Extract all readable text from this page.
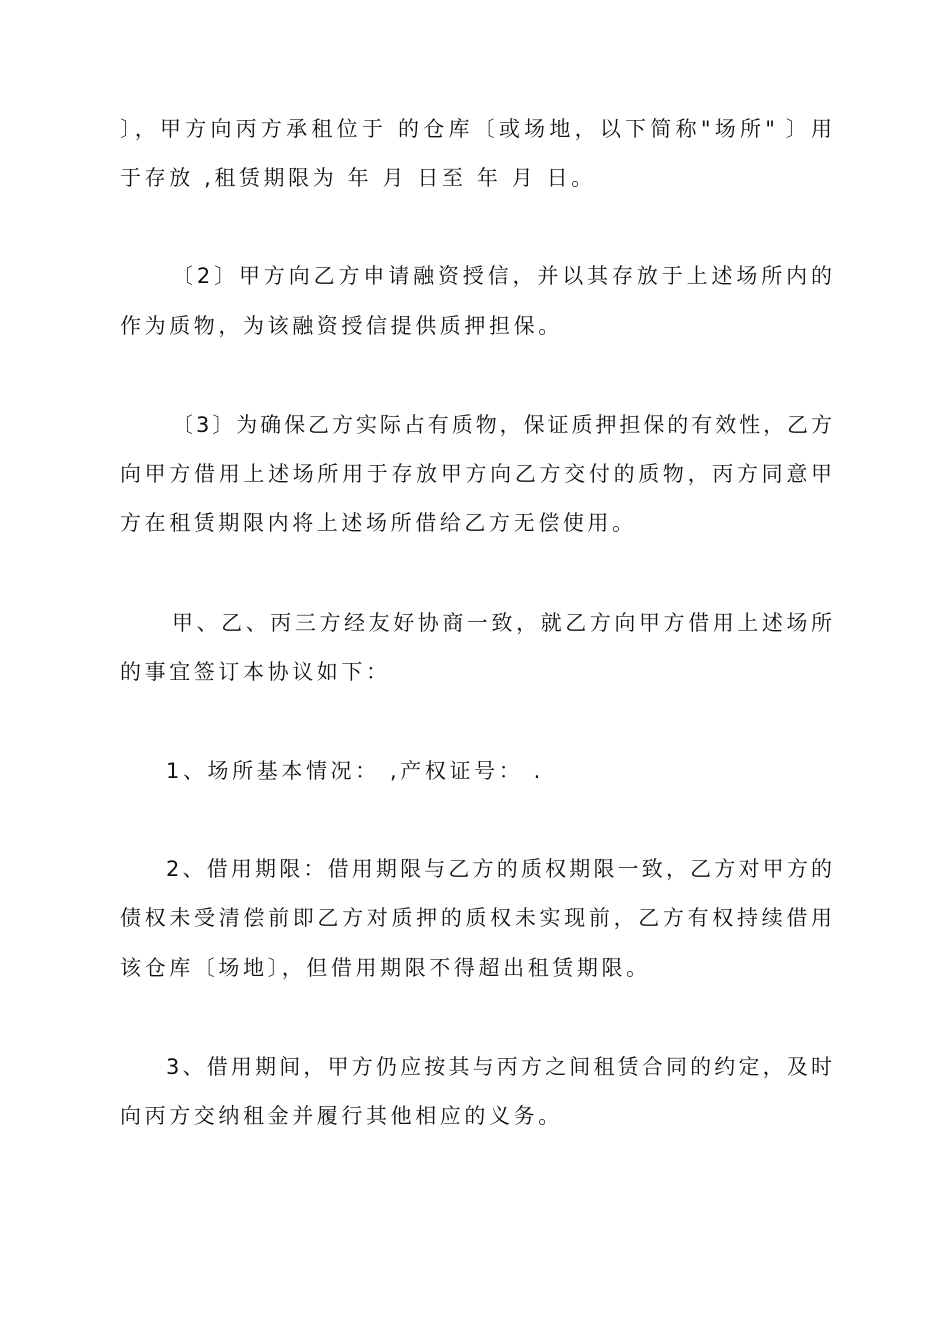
〕，甲方向丙方承租位于 的仓库〔或场地，以下简称"场所" 〕用
于存放 ,租赁期限为 年 月 日至 年 月 日。
〔2〕甲方向乙方申请融资授信，并以其存放于上述场所内的
作为质物，为该融资授信提供质押担保。
〔3〕为确保乙方实际占有质物，保证质押担保的有效性，乙方
向甲方借用上述场所用于存放甲方向乙方交付的质物，丙方同意甲
方在租赁期限内将上述场所借给乙方无偿使用。
甲、乙、丙三方经友好协商一致，就乙方向甲方借用上述场所
的事宜签订本协议如下：
1、场所基本情况： ,产权证号： .
2、借用期限：借用期限与乙方的质权期限一致，乙方对甲方的
债权未受清偿前即乙方对质押的质权未实现前，乙方有权持续借用
该仓库〔场地〕，但借用期限不得超出租赁期限。
3、借用期间，甲方仍应按其与丙方之间租赁合同的约定，及时
向丙方交纳租金并履行其他相应的义务。
